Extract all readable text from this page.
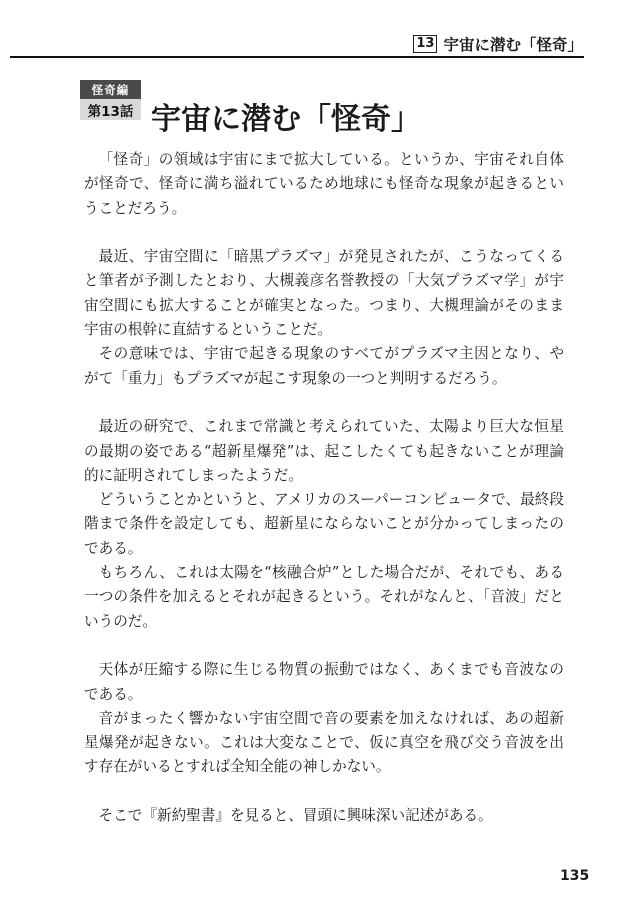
13 宇宙に潜む「怪奇」
怪奇編
第13話 宇宙に潜む「怪奇」

「怪奇」の領域は宇宙にまで拡大している。というか、宇宙それ自体が怪奇で、怪奇に満ち溢れているため地球にも怪奇な現象が起きるということだろう。

最近、宇宙空間に「暗黒プラズマ」が発見されたが、こうなってくると筆者が予測したとおり、大槻義彦名誉教授の「大気プラズマ学」が宇宙空間にも拡大することが確実となった。つまり、大槻理論がそのまま宇宙の根幹に直結するということだ。

その意味では、宇宙で起きる現象のすべてがプラズマ主因となり、やがて「重力」もプラズマが起こす現象の一つと判明するだろう。

最近の研究で、これまで常識と考えられていた、太陽より巨大な恒星の最期の姿である“超新星爆発”は、起こしたくても起きないことが理論的に証明されてしまったようだ。

どういうことかというと、アメリカのスーパーコンピュータで、最終段階まで条件を設定しても、超新星にならないことが分かってしまったのである。

もちろん、これは太陽を“核融合炉”とした場合だが、それでも、ある一つの条件を加えるとそれが起きるという。それがなんと、「音波」だというのだ。

天体が圧縮する際に生じる物質の振動ではなく、あくまでも音波なのである。

音がまったく響かない宇宙空間で音の要素を加えなければ、あの超新星爆発が起きない。これは大変なことで、仮に真空を飛び交う音波を出す存在がいるとすれば全知全能の神しかない。

そこで『新約聖書』を見ると、冒頭に興味深い記述がある。

135
